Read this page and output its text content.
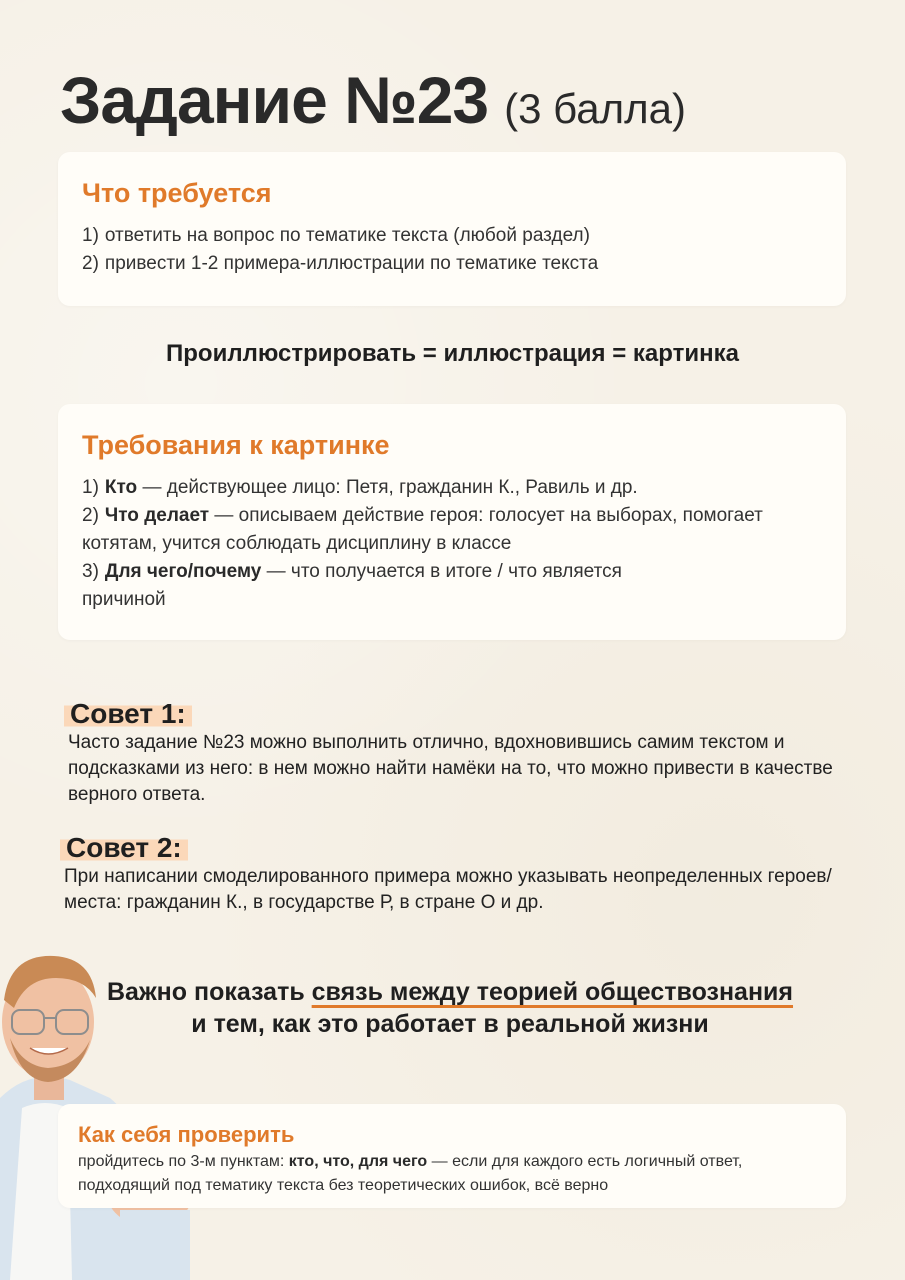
Задание №23 (3 балла)
Что требуется
1) ответить на вопрос по тематике текста (любой раздел)
2) привести 1-2 примера-иллюстрации по тематике текста
Проиллюстрировать = иллюстрация = картинка
Требования к картинке
1) Кто — действующее лицо: Петя, гражданин К., Равиль и др.
2) Что делает — описываем действие героя: голосует на выборах, помогает котятам, учится соблюдать дисциплину в классе
3) Для чего/почему — что получается в итоге / что является причиной
Совет 1:
Часто задание №23 можно выполнить отлично, вдохновившись самим текстом и подсказками из него: в нем можно найти намёки на то, что можно привести в качестве верного ответа.
Совет 2:
При написании смоделированного примера можно указывать неопределенных героев/места: гражданин К., в государстве Р, в стране О и др.
Важно показать связь между теорией обществознания
и тем, как это работает в реальной жизни
Как себя проверить
пройдитесь по 3-м пунктам: кто, что, для чего — если для каждого есть логичный ответ, подходящий под тематику текста без теоретических ошибок, всё верно
